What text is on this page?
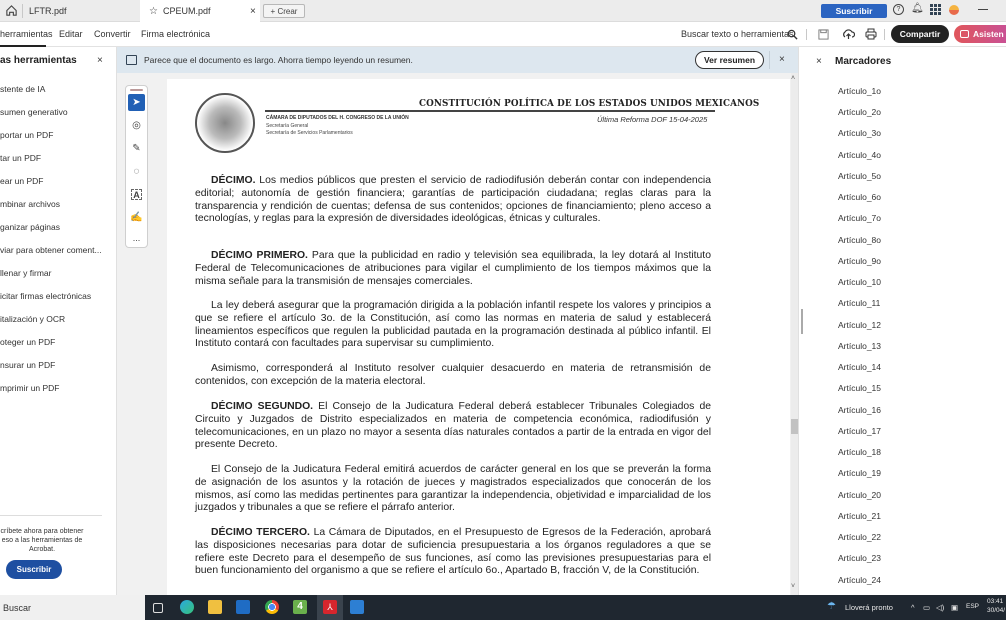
LFTR.pdf	☆ CPEUM.pdf	×	+ Crear	Suscribir	?	🔔︎
herramientas Editar Convertir Firma electrónica	Buscar texto o herramientas	Compartir	Asisten
as herramientas ×
stente de IA
sumen generativo
portar un PDF
tar un PDF
ear un PDF
mbinar archivos
ganizar páginas
viar para obtener coment...
llenar y firmar
icitar firmas electrónicas
italización y OCR
oteger un PDF
nsurar un PDF
mprimir un PDF
críbete ahora para obtener eso a las herramientas de Acrobat.
Suscribir
Parece que el documento es largo. Ahorra tiempo leyendo un resumen.	Ver resumen	×
➤
◎
✎
◌
A
✍
...
CONSTITUCIÓN POLÍTICA DE LOS ESTADOS UNIDOS MEXICANOS
CÁMARA DE DIPUTADOS DEL H. CONGRESO DE LA UNIÓN
Secretaría General
Secretaría de Servicios Parlamentarios
Última Reforma DOF 15-04-2025

DÉCIMO. Los medios públicos que presten el servicio de radiodifusión deberán contar con independencia editorial; autonomía de gestión financiera; garantías de participación ciudadana; reglas claras para la transparencia y rendición de cuentas; defensa de sus contenidos; opciones de financiamiento; pleno acceso a tecnologías, y reglas para la expresión de diversidades ideológicas, étnicas y culturales.

DÉCIMO PRIMERO. Para que la publicidad en radio y televisión sea equilibrada, la ley dotará al Instituto Federal de Telecomunicaciones de atribuciones para vigilar el cumplimiento de los tiempos máximos que la misma señale para la transmisión de mensajes comerciales.

La ley deberá asegurar que la programación dirigida a la población infantil respete los valores y principios a que se refiere el artículo 3o. de la Constitución, así como las normas en materia de salud y establecerá lineamientos específicos que regulen la publicidad pautada en la programación destinada al público infantil. El Instituto contará con facultades para supervisar su cumplimiento.

Asimismo, corresponderá al Instituto resolver cualquier desacuerdo en materia de retransmisión de contenidos, con excepción de la materia electoral.

DÉCIMO SEGUNDO. El Consejo de la Judicatura Federal deberá establecer Tribunales Colegiados de Circuito y Juzgados de Distrito especializados en materia de competencia económica, radiodifusión y telecomunicaciones, en un plazo no mayor a sesenta días naturales contados a partir de la entrada en vigor del presente Decreto.

El Consejo de la Judicatura Federal emitirá acuerdos de carácter general en los que se preverán la forma de asignación de los asuntos y la rotación de jueces y magistrados especializados que conocerán de los mismos, así como las medidas pertinentes para garantizar la independencia, objetividad e imparcialidad de los juzgados y tribunales a que se refiere el párrafo anterior.

DÉCIMO TERCERO. La Cámara de Diputados, en el Presupuesto de Egresos de la Federación, aprobará las disposiciones necesarias para dotar de suficiencia presupuestaria a los órganos reguladores a que se refiere este Decreto para el desempeño de sus funciones, así como las previsiones presupuestarias para el buen funcionamiento del organismo a que se refiere el artículo 6o., Apartado B, fracción V, de la Constitución.

˄
˅
× Marcadores
Artículo_1o
Artículo_2o
Artículo_3o
Artículo_4o
Artículo_5o
Artículo_6o
Artículo_7o
Artículo_8o
Artículo_9o
Artículo_10
Artículo_11
Artículo_12
Artículo_13
Artículo_14
Artículo_15
Artículo_16
Artículo_17
Artículo_18
Artículo_19
Artículo_20
Artículo_21
Artículo_22
Artículo_23
Artículo_24
Buscar	4	⅄	☂ Lloverá pronto ^ ▭ ◁) ▣ ESP
03:41
30/04/
